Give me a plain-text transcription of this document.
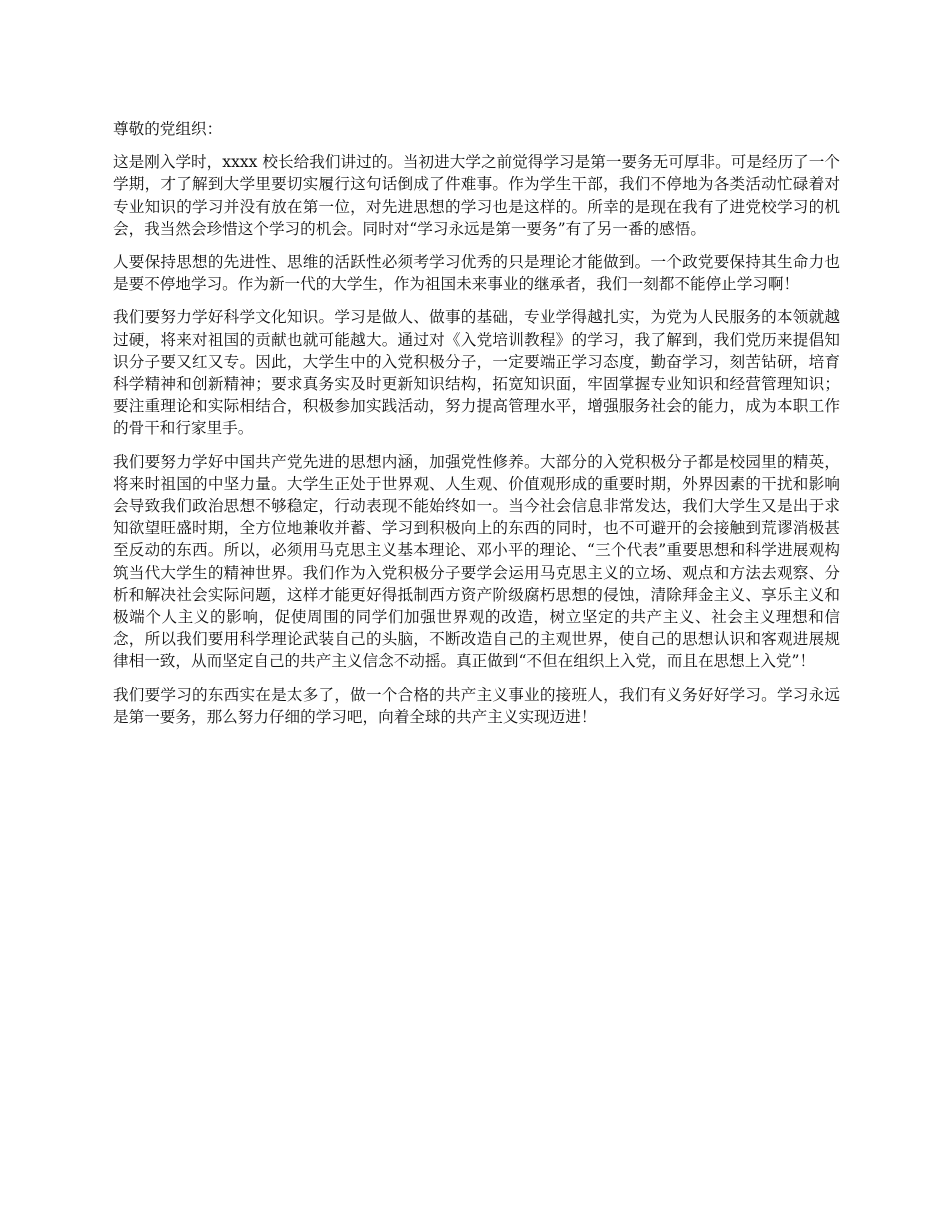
尊敬的党组织：

这是刚入学时，xxxx 校长给我们讲过的。当初进大学之前觉得学习是第一要务无可厚非。可是经历了一个学期，才了解到大学里要切实履行这句话倒成了件难事。作为学生干部，我们不停地为各类活动忙碌着对专业知识的学习并没有放在第一位，对先进思想的学习也是这样的。所幸的是现在我有了进党校学习的机会，我当然会珍惜这个学习的机会。同时对“学习永远是第一要务”有了另一番的感悟。

人要保持思想的先进性、思维的活跃性必须考学习优秀的只是理论才能做到。一个政党要保持其生命力也是要不停地学习。作为新一代的大学生，作为祖国未来事业的继承者，我们一刻都不能停止学习啊！

我们要努力学好科学文化知识。学习是做人、做事的基础，专业学得越扎实，为党为人民服务的本领就越过硬，将来对祖国的贡献也就可能越大。通过对《入党培训教程》的学习，我了解到，我们党历来提倡知识分子要又红又专。因此，大学生中的入党积极分子，一定要端正学习态度，勤奋学习，刻苦钻研，培育科学精神和创新精神；要求真务实及时更新知识结构，拓宽知识面，牢固掌握专业知识和经营管理知识；要注重理论和实际相结合，积极参加实践活动，努力提高管理水平，增强服务社会的能力，成为本职工作的骨干和行家里手。

我们要努力学好中国共产党先进的思想内涵，加强党性修养。大部分的入党积极分子都是校园里的精英，将来时祖国的中坚力量。大学生正处于世界观、人生观、价值观形成的重要时期，外界因素的干扰和影响会导致我们政治思想不够稳定，行动表现不能始终如一。当今社会信息非常发达，我们大学生又是出于求知欲望旺盛时期，全方位地兼收并蓄、学习到积极向上的东西的同时，也不可避开的会接触到荒谬消极甚至反动的东西。所以，必须用马克思主义基本理论、邓小平的理论、“三个代表”重要思想和科学进展观构筑当代大学生的精神世界。我们作为入党积极分子要学会运用马克思主义的立场、观点和方法去观察、分析和解决社会实际问题，这样才能更好得抵制西方资产阶级腐朽思想的侵蚀，清除拜金主义、享乐主义和极端个人主义的影响，促使周围的同学们加强世界观的改造，树立坚定的共产主义、社会主义理想和信念，所以我们要用科学理论武装自己的头脑，不断改造自己的主观世界，使自己的思想认识和客观进展规律相一致，从而坚定自己的共产主义信念不动摇。真正做到“不但在组织上入党，而且在思想上入党”！

我们要学习的东西实在是太多了，做一个合格的共产主义事业的接班人，我们有义务好好学习。学习永远是第一要务，那么努力仔细的学习吧，向着全球的共产主义实现迈进！
